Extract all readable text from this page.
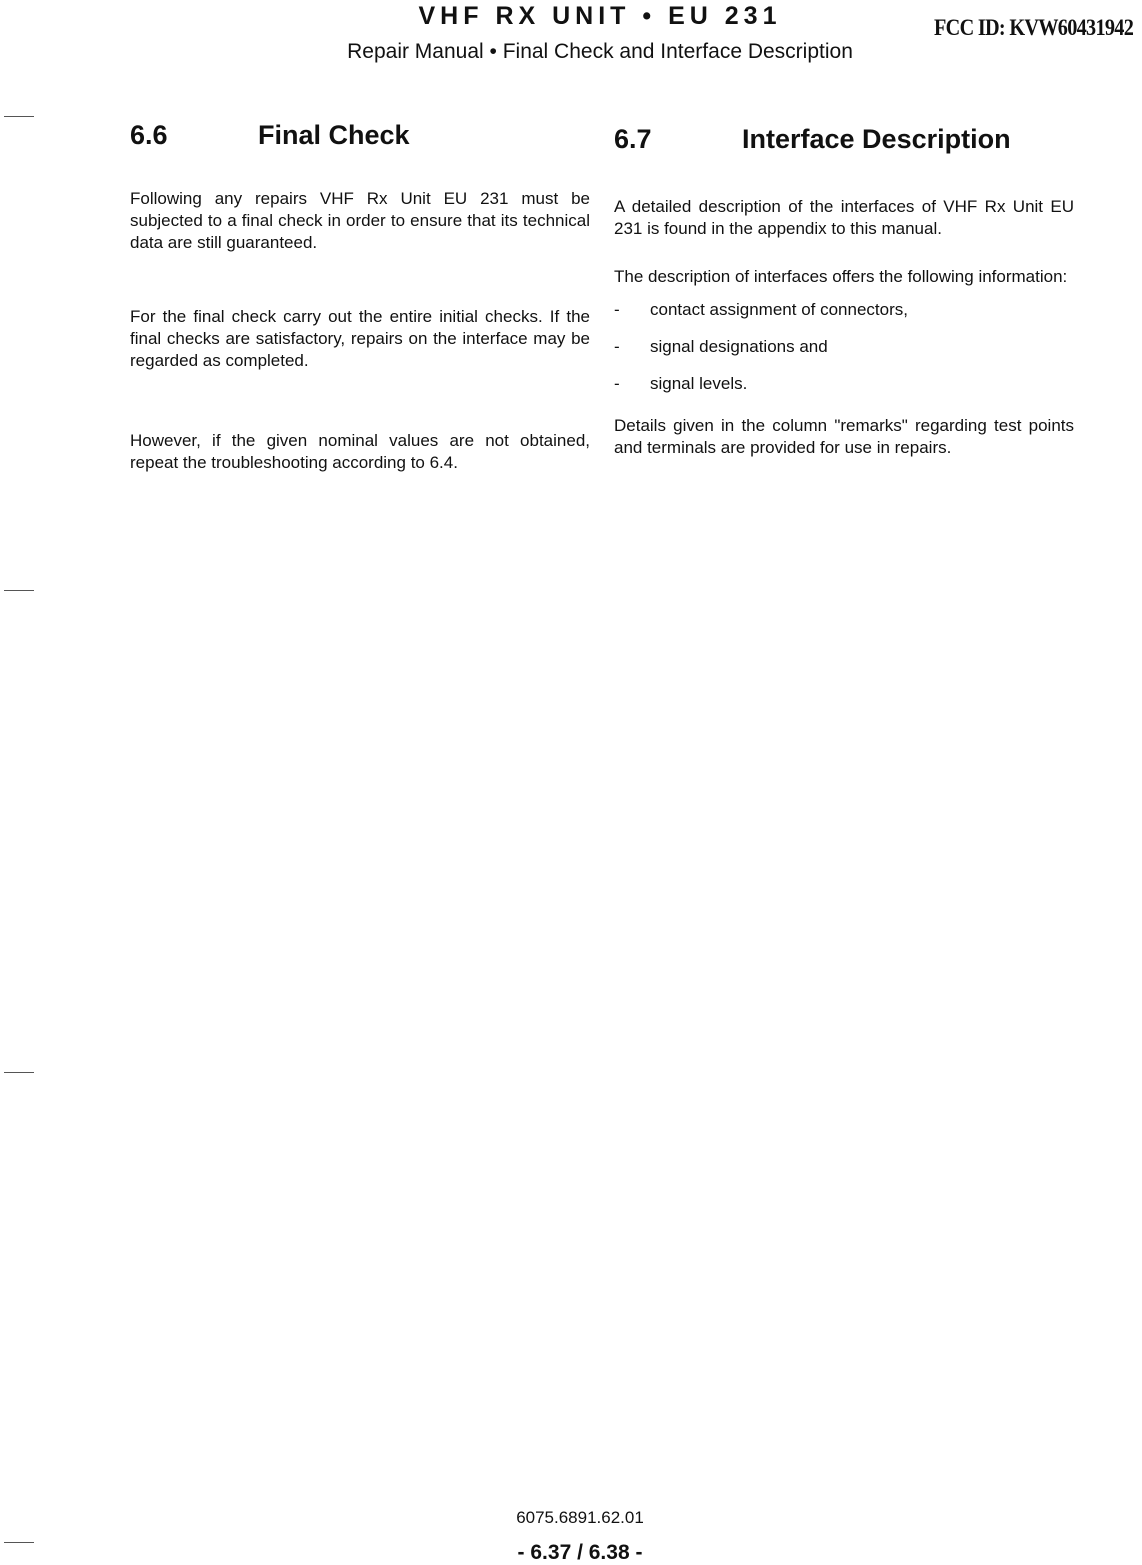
VHF RX UNIT • EU 231
Repair Manual • Final Check and Interface Description
FCC ID: KVW60431942
6.6	Final Check

Following any repairs VHF Rx Unit EU 231 must be subjected to a final check in order to ensure that its technical data are still guaranteed.

For the final check carry out the entire initial checks. If the final checks are satisfactory, repairs on the interface may be regarded as completed.

However, if the given nominal values are not obtained, repeat the troubleshooting according to 6.4.

6.7	Interface Description

A detailed description of the interfaces of VHF Rx Unit EU 231 is found in the appendix to this manual.

The description of interfaces offers the following information:

-	contact assignment of connectors,
-	signal designations and
-	signal levels.

Details given in the column "remarks" regarding test points and terminals are provided for use in repairs.

6075.6891.62.01
- 6.37 / 6.38 -
